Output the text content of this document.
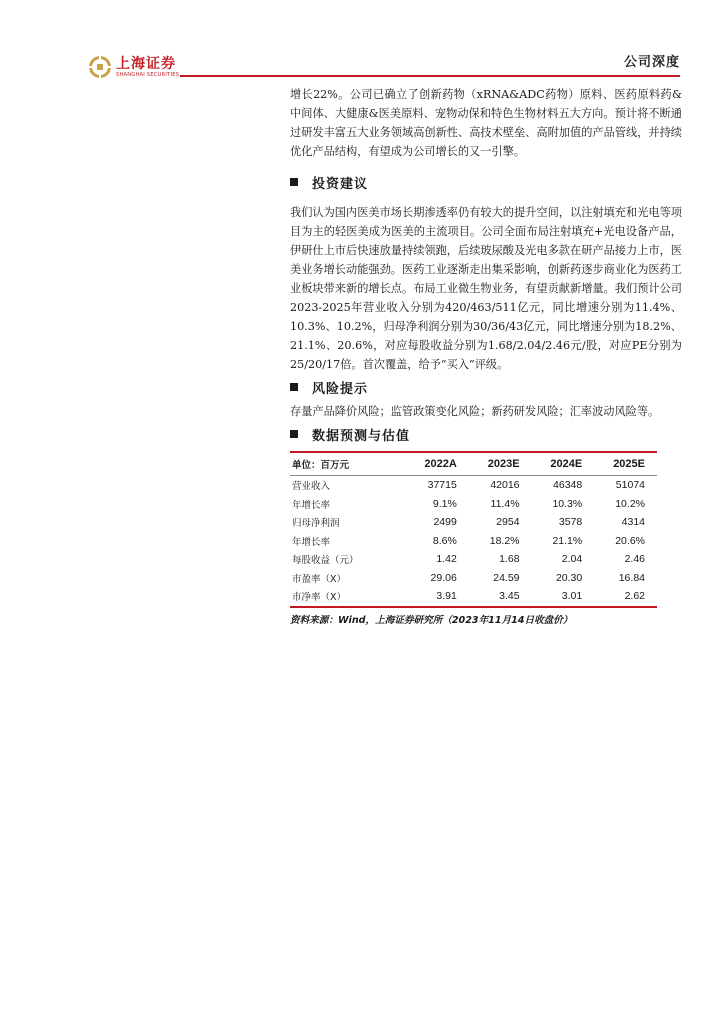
上海证券
SHANGHAI SECURITIES
公司深度

增长22%。公司已确立了创新药物（xRNA&ADC药物）原料、医药原料药&中间体、大健康&医美原料、宠物动保和特色生物材料五大方向。预计将不断通过研发丰富五大业务领域高创新性、高技术壁垒、高附加值的产品管线，并持续优化产品结构，有望成为公司增长的又一引擎。

投资建议

我们认为国内医美市场长期渗透率仍有较大的提升空间，以注射填充和光电等项目为主的轻医美成为医美的主流项目。公司全面布局注射填充+光电设备产品，伊研仕上市后快速放量持续领跑，后续玻尿酸及光电多款在研产品接力上市，医美业务增长动能强劲。医药工业逐渐走出集采影响，创新药逐步商业化为医药工业板块带来新的增长点。布局工业微生物业务，有望贡献新增量。我们预计公司2023-2025年营业收入分别为420/463/511亿元，同比增速分别为11.4%、10.3%、10.2%，归母净利润分别为30/36/43亿元，同比增速分别为18.2%、21.1%、20.6%，对应每股收益分别为1.68/2.04/2.46元/股，对应PE分别为25/20/17倍。首次覆盖，给予“买入”评级。

风险提示

存量产品降价风险；监管政策变化风险；新药研发风险；汇率波动风险等。

数据预测与估值
单位：百万元	2022A	2023E	2024E	2025E
营业收入	37715	42016	46348	51074
年增长率	9.1%	11.4%	10.3%	10.2%
归母净利润	2499	2954	3578	4314
年增长率	8.6%	18.2%	21.1%	20.6%
每股收益（元）	1.42	1.68	2.04	2.46
市盈率（X）	29.06	24.59	20.30	16.84
市净率（X）	3.91	3.45	3.01	2.62
资料来源：Wind，上海证券研究所（2023年11月14日收盘价）
